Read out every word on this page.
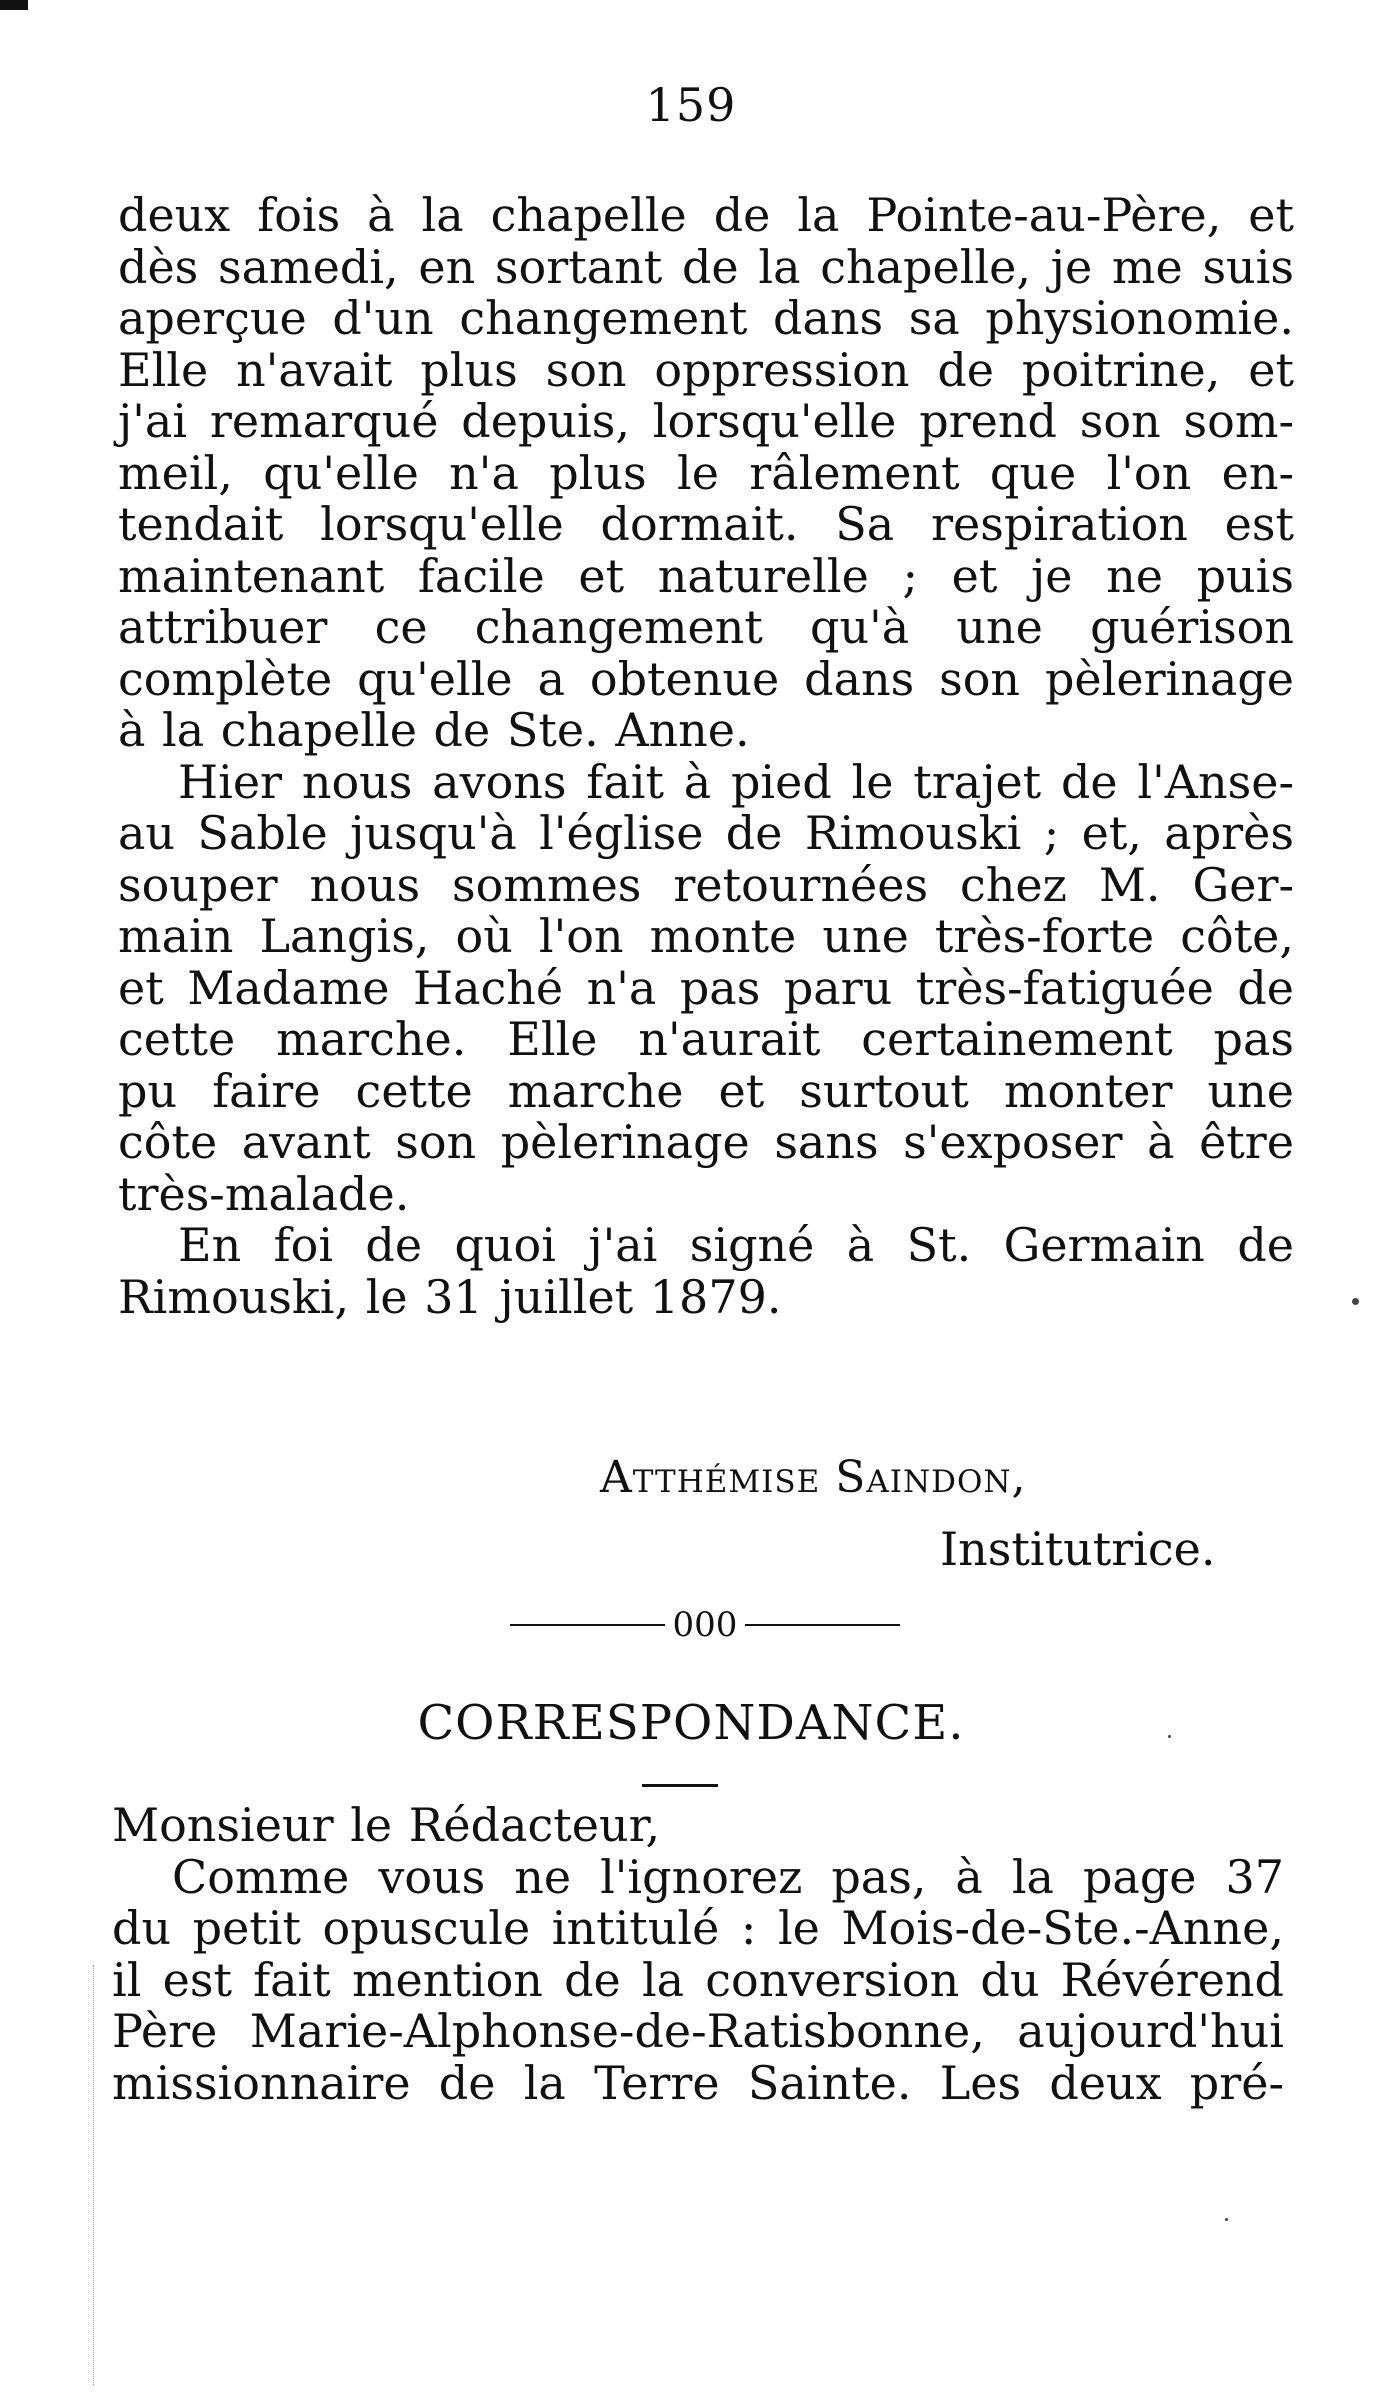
159
deux fois à la chapelle de la Pointe-au-Père, et
dès samedi, en sortant de la chapelle, je me suis
aperçue d'un changement dans sa physionomie.
Elle n'avait plus son oppression de poitrine, et
j'ai remarqué depuis, lorsqu'elle prend son som-
meil, qu'elle n'a plus le râlement que l'on en-
tendait lorsqu'elle dormait. Sa respiration est
maintenant facile et naturelle ; et je ne puis
attribuer ce changement qu'à une guérison
complète qu'elle a obtenue dans son pèlerinage
à la chapelle de Ste. Anne.
Hier nous avons fait à pied le trajet de l'Anse-
au Sable jusqu'à l'église de Rimouski ; et, après
souper nous sommes retournées chez M. Ger-
main Langis, où l'on monte une très-forte côte,
et Madame Haché n'a pas paru très-fatiguée de
cette marche. Elle n'aurait certainement pas
pu faire cette marche et surtout monter une
côte avant son pèlerinage sans s'exposer à être
très-malade.
En foi de quoi j'ai signé à St. Germain de
Rimouski, le 31 juillet 1879.
Atthémise Saindon,
Institutrice.
000
CORRESPONDANCE.
Monsieur le Rédacteur,
Comme vous ne l'ignorez pas, à la page 37
du petit opuscule intitulé : le Mois-de-Ste.-Anne,
il est fait mention de la conversion du Révérend
Père Marie-Alphonse-de-Ratisbonne, aujourd'hui
missionnaire de la Terre Sainte. Les deux pré-
